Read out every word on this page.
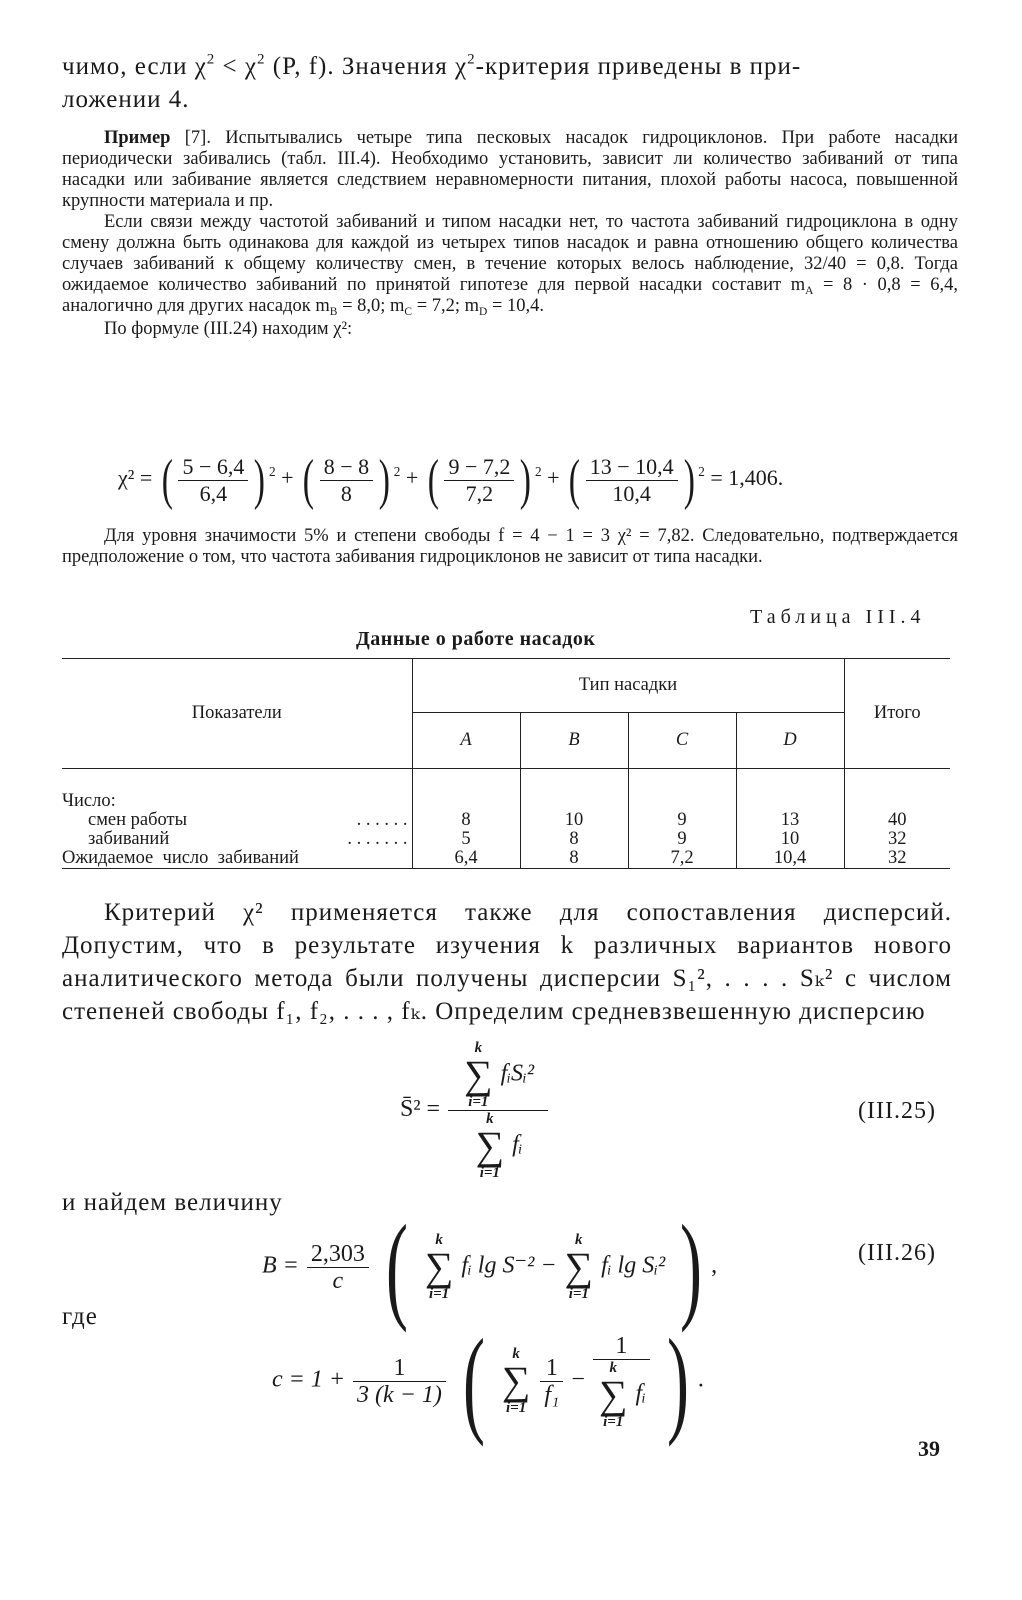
чимо, если $\chi^2 < \chi^2$ (P, f). Значения $\chi^2$-критерия приведены в при-
ложении 4.

Пример [7]. Испытывались четыре типа песковых насадок гидроциклонов. При работе насадки периодически забивались (табл. III.4). Необходимо установить, зависит ли количество забиваний от типа насадки или забивание является следствием неравномерности питания, плохой работы насоса, повышенной крупности материала и пр.

Если связи между частотой забиваний и типом насадки нет, то частота забиваний гидроциклона в одну смену должна быть одинакова для каждой из четырех типов насадок и равна отношению общего количества случаев забиваний к общему количеству смен, в течение которых велось наблюдение, 32/40 = 0,8. Тогда ожидаемое количество забиваний по принятой гипотезе для первой насадки составит $m_A = 8 \cdot 0,8 = 6,4$, аналогично для других насадок $m_B = 8,0$; $m_C = 7,2$; $m_D = 10,4$.

По формуле (III.24) находим χ²:

χ² = ( $\frac{5 - 6,4}{6,4}$ ) $^2$ + ( $\frac{8 - 8}{8}$ ) $^2$ + ( $\frac{9 - 7,2}{7,2}$ ) $^2$ + ( $\frac{13 - 10,4}{10,4}$ ) $^2$ = 1,406.

Для уровня значимости 5% и степени свободы f = 4 − 1 = 3 χ² = 7,82. Следовательно, подтверждается предположение о том, что частота забивания гидроциклонов не зависит от типа насадки.

Таблица III.4
Данные о работе насадок
Показатели	Тип насадки				Итого
	A	B	C	D	
Число:					
смен работы . . . . . .	8	10	9	13	40
забиваний . . . . . . .	5	8	9	10	32
Ожидаемое  число  забиваний	6,4	8	7,2	10,4	32

Критерий χ² применяется также для сопоставления дисперсий. Допустим, что в результате изучения k различных вариантов нового аналитического метода были получены дисперсии S₁², . . . . Sₖ² с числом степеней свободы f₁, f₂, . . . , fₖ. Определим средневзвешенную дисперсию

S̄² = k
∑
i=1
fᵢSᵢ²
k
∑
i=1
fᵢ	(III.25)

и найдем величину

$B = \frac{2,303}{c}$ ( k
∑
i=1
fᵢ lg S⁻² −
k
∑
i=1
fᵢ lg Sᵢ² ) ,	(III.26)

где

$c = 1 + \frac{1}{3 (k - 1)}$ ( k
∑
i=1

$\frac{1}{\text{f₁}} - 1$
k
∑
i=1
fᵢ ) .
39
